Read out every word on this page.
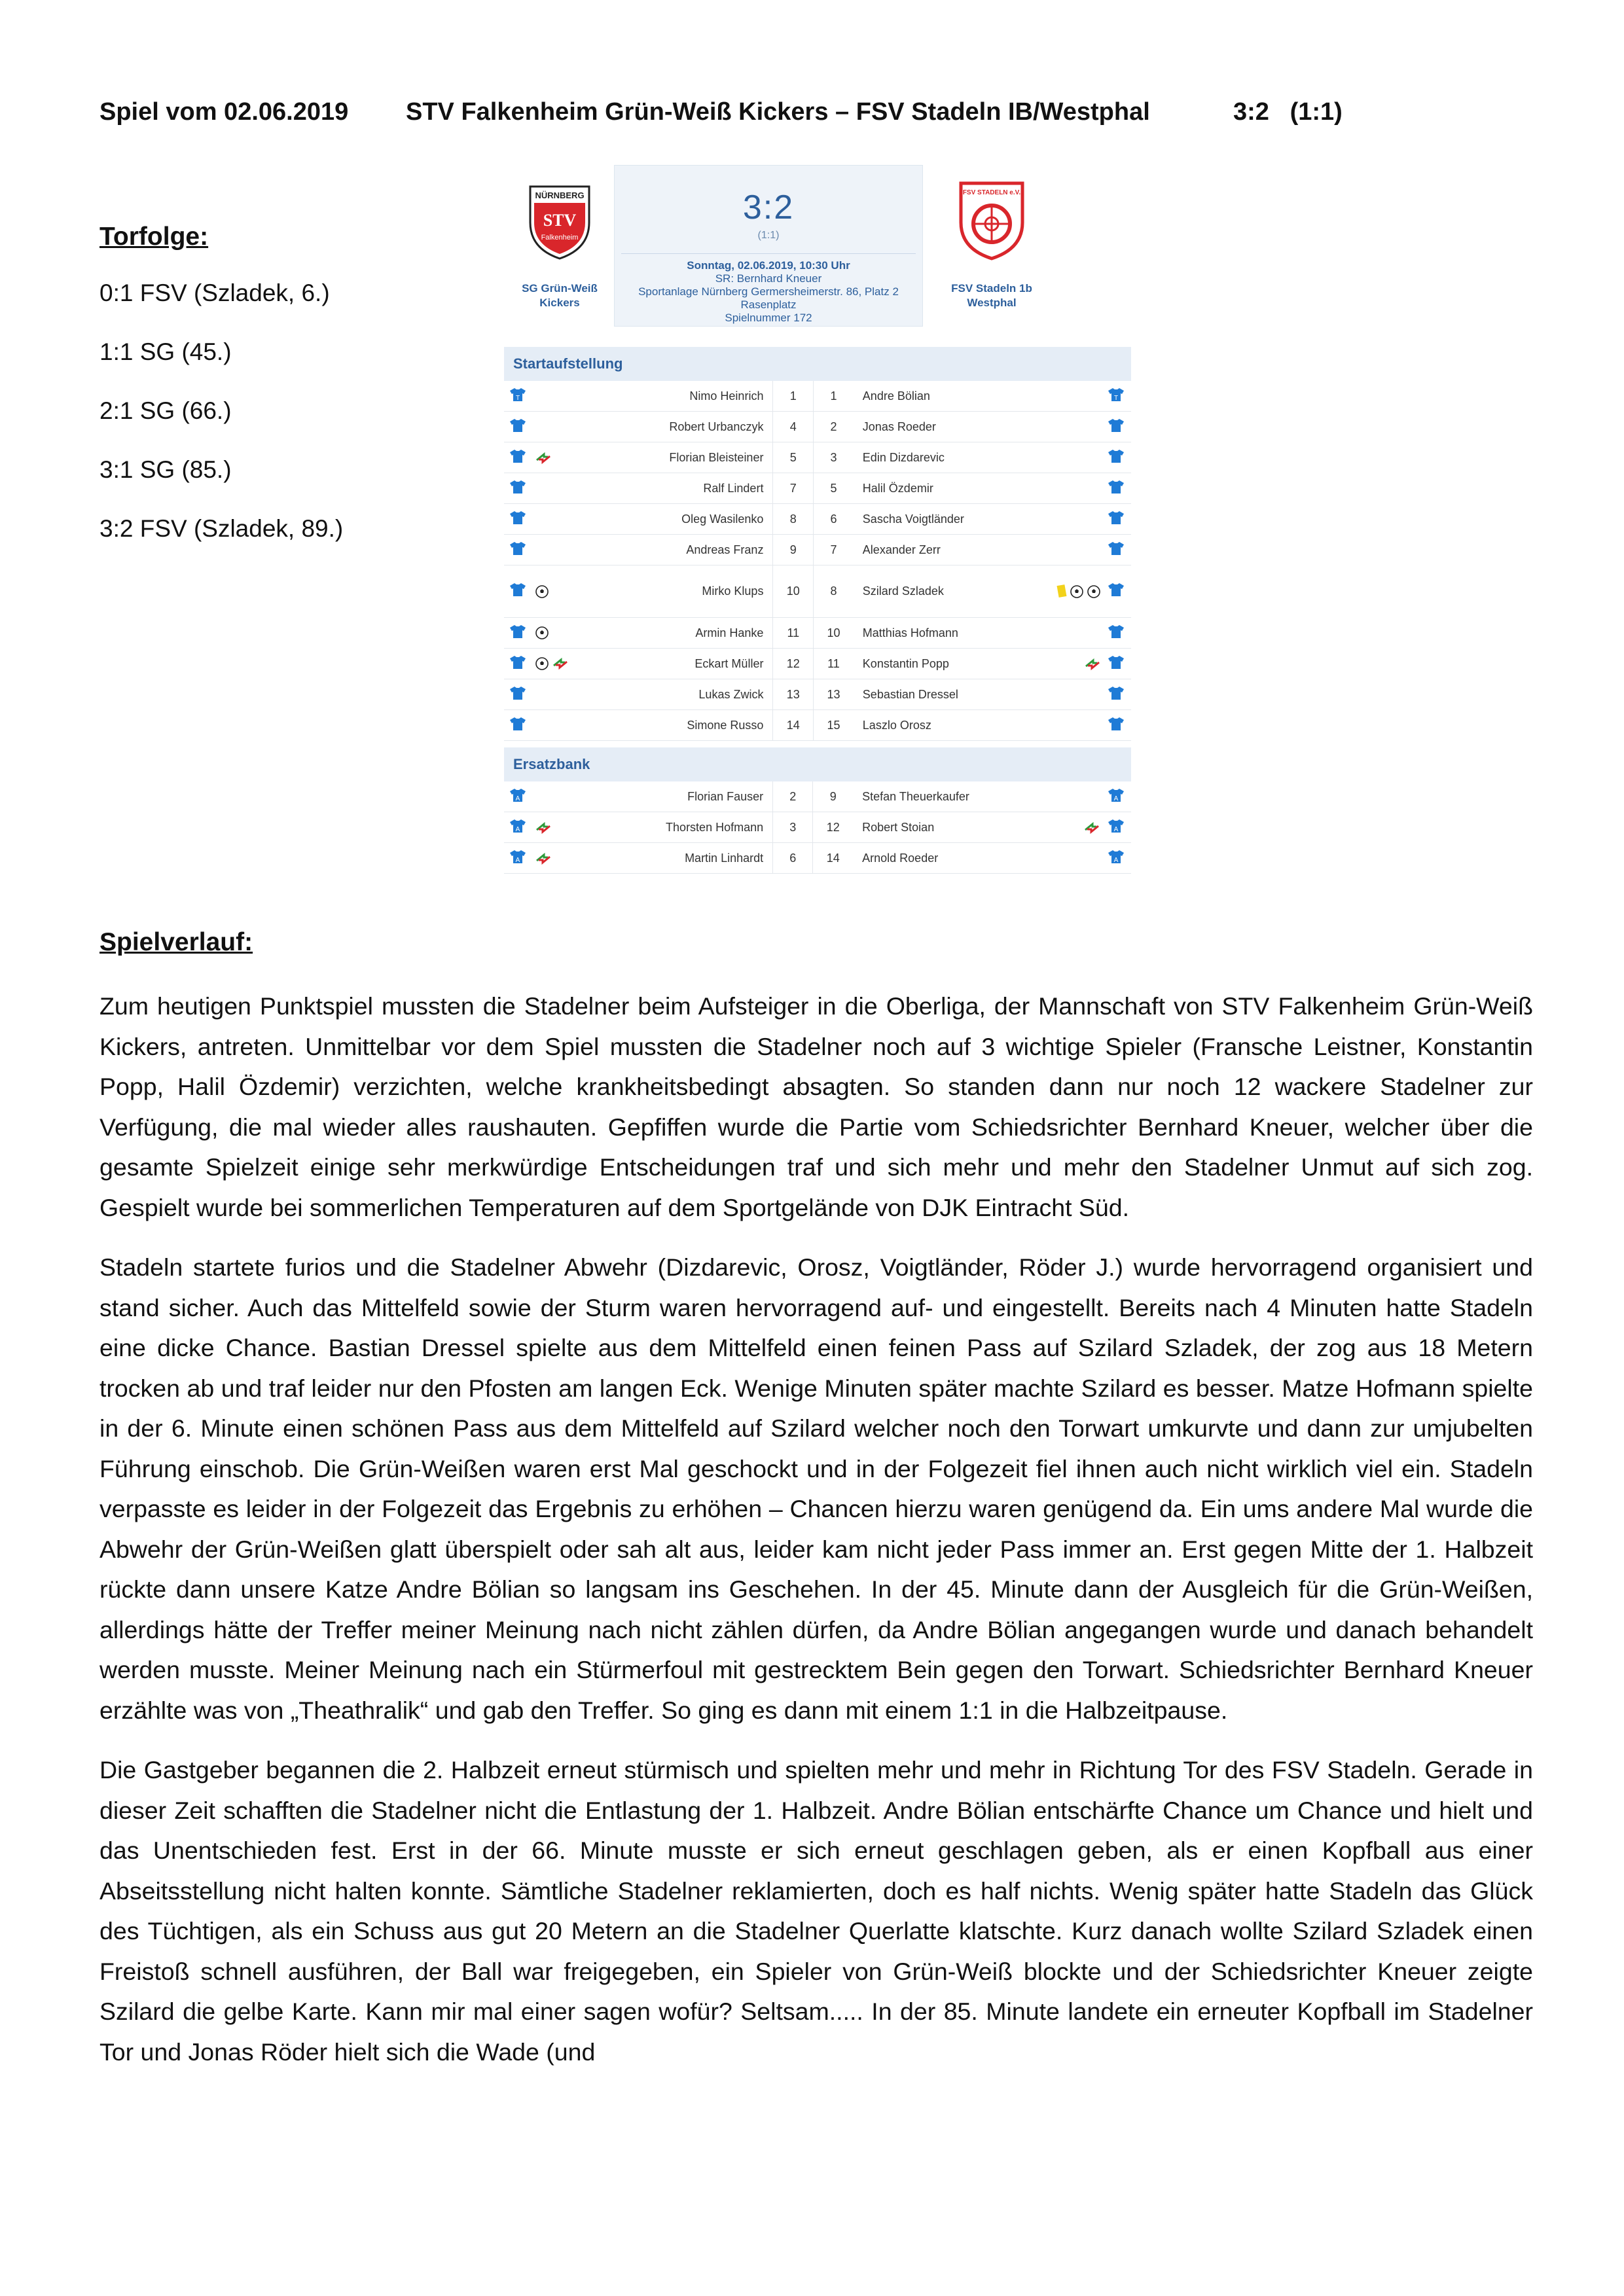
Spiel vom 02.06.2019

STV Falkenheim Grün-Weiß Kickers – FSV Stadeln IB/Westphal

	3:2   (1:1)

Torfolge:
0:1 FSV (Szladek, 6.)
1:1 SG (45.)
2:1 SG (66.)
3:1 SG (85.)
3:2 FSV (Szladek, 89.)
NÜRNBERG
STV
Falkenheim
FSV STADELN e.V.
SG Grün-Weiß
Kickers
FSV Stadeln 1b
Westphal
3:2
(1:1)
Sonntag, 02.06.2019, 10:30 Uhr
SR: Bernhard Kneuer
Sportanlage Nürnberg Germersheimerstr. 86, Platz 2
Rasenplatz
Spielnummer 172
Startaufstellung
T		Nimo Heinrich	1	1	Andre Bölian		T

		Robert Urbanczyk	4	2	Jonas Roeder		
		Florian Bleisteiner	5	3	Edin Dizdarevic		
		Ralf Lindert	7	5	Halil Özdemir		
		Oleg Wasilenko	8	6	Sascha Voigtländer		
		Andreas Franz	9	7	Alexander Zerr		
		Mirko Klups	10	8	Szilard Szladek		
		Armin Hanke	11	10	Matthias Hofmann		
		Eckart Müller	12	11	Konstantin Popp		
		Lukas Zwick	13	13	Sebastian Dressel		
		Simone Russo	14	15	Laszlo Orosz		
Ersatzbank
A		Florian Fauser	2	9	Stefan Theuerkaufer		A

A		Thorsten Hofmann	3	12	Robert Stoian		A

A		Martin Linhardt	6	14	Arnold Roeder		A
Spielverlauf:

Zum heutigen Punktspiel mussten die Stadelner beim Aufsteiger in die Oberliga, der Mannschaft von STV Falkenheim Grün-Weiß Kickers, antreten. Unmittelbar vor dem Spiel mussten die Stadelner noch auf 3 wichtige Spieler (Fransche Leistner, Konstantin Popp, Halil Özdemir) verzichten, welche krankheitsbedingt absagten. So standen dann nur noch 12 wackere Stadelner zur Verfügung, die mal wieder alles raushauten. Gepfiffen wurde die Partie vom Schiedsrichter Bernhard Kneuer, welcher über die gesamte Spielzeit einige sehr merkwürdige Entscheidungen traf und sich mehr und mehr den Stadelner Unmut auf sich zog. Gespielt wurde bei sommerlichen Temperaturen auf dem Sportgelände von DJK Eintracht Süd.

Stadeln startete furios und die Stadelner Abwehr (Dizdarevic, Orosz, Voigtländer, Röder J.) wurde hervorragend organisiert und stand sicher. Auch das Mittelfeld sowie der Sturm waren hervorragend auf- und eingestellt. Bereits nach 4 Minuten hatte Stadeln eine dicke Chance. Bastian Dressel spielte aus dem Mittelfeld einen feinen Pass auf Szilard Szladek, der zog aus 18 Metern trocken ab und traf leider nur den Pfosten am langen Eck. Wenige Minuten später machte Szilard es besser. Matze Hofmann spielte in der 6. Minute einen schönen Pass aus dem Mittelfeld auf Szilard welcher noch den Torwart umkurvte und dann zur umjubelten Führung einschob. Die Grün-Weißen waren erst Mal geschockt und in der Folgezeit fiel ihnen auch nicht wirklich viel ein. Stadeln verpasste es leider in der Folgezeit das Ergebnis zu erhöhen – Chancen hierzu waren genügend da. Ein ums andere Mal wurde die Abwehr der Grün-Weißen glatt überspielt oder sah alt aus, leider kam nicht jeder Pass immer an. Erst gegen Mitte der 1. Halbzeit rückte dann unsere Katze Andre Bölian so langsam ins Geschehen. In der 45. Minute dann der Ausgleich für die Grün-Weißen, allerdings hätte der Treffer meiner Meinung nach nicht zählen dürfen, da Andre Bölian angegangen wurde und danach behandelt werden musste. Meiner Meinung nach ein Stürmerfoul mit gestrecktem Bein gegen den Torwart. Schiedsrichter Bernhard Kneuer erzählte was von „Theathralik“ und gab den Treffer. So ging es dann mit einem 1:1 in die Halbzeitpause.

Die Gastgeber begannen die 2. Halbzeit erneut stürmisch und spielten mehr und mehr in Richtung Tor des FSV Stadeln. Gerade in dieser Zeit schafften die Stadelner nicht die Entlastung der 1. Halbzeit. Andre Bölian entschärfte Chance um Chance und hielt und das Unentschieden fest. Erst in der 66. Minute musste er sich erneut geschlagen geben, als er einen Kopfball aus einer Abseitsstellung nicht halten konnte. Sämtliche Stadelner reklamierten, doch es half nichts. Wenig später hatte Stadeln das Glück des Tüchtigen, als ein Schuss aus gut 20 Metern an die Stadelner Querlatte klatschte. Kurz danach wollte Szilard Szladek einen Freistoß schnell ausführen, der Ball war freigegeben, ein Spieler von Grün-Weiß blockte und der Schiedsrichter Kneuer zeigte Szilard die gelbe Karte. Kann mir mal einer sagen wofür? Seltsam..... In der 85. Minute landete ein erneuter Kopfball im Stadelner Tor und Jonas Röder hielt sich die Wade (und
